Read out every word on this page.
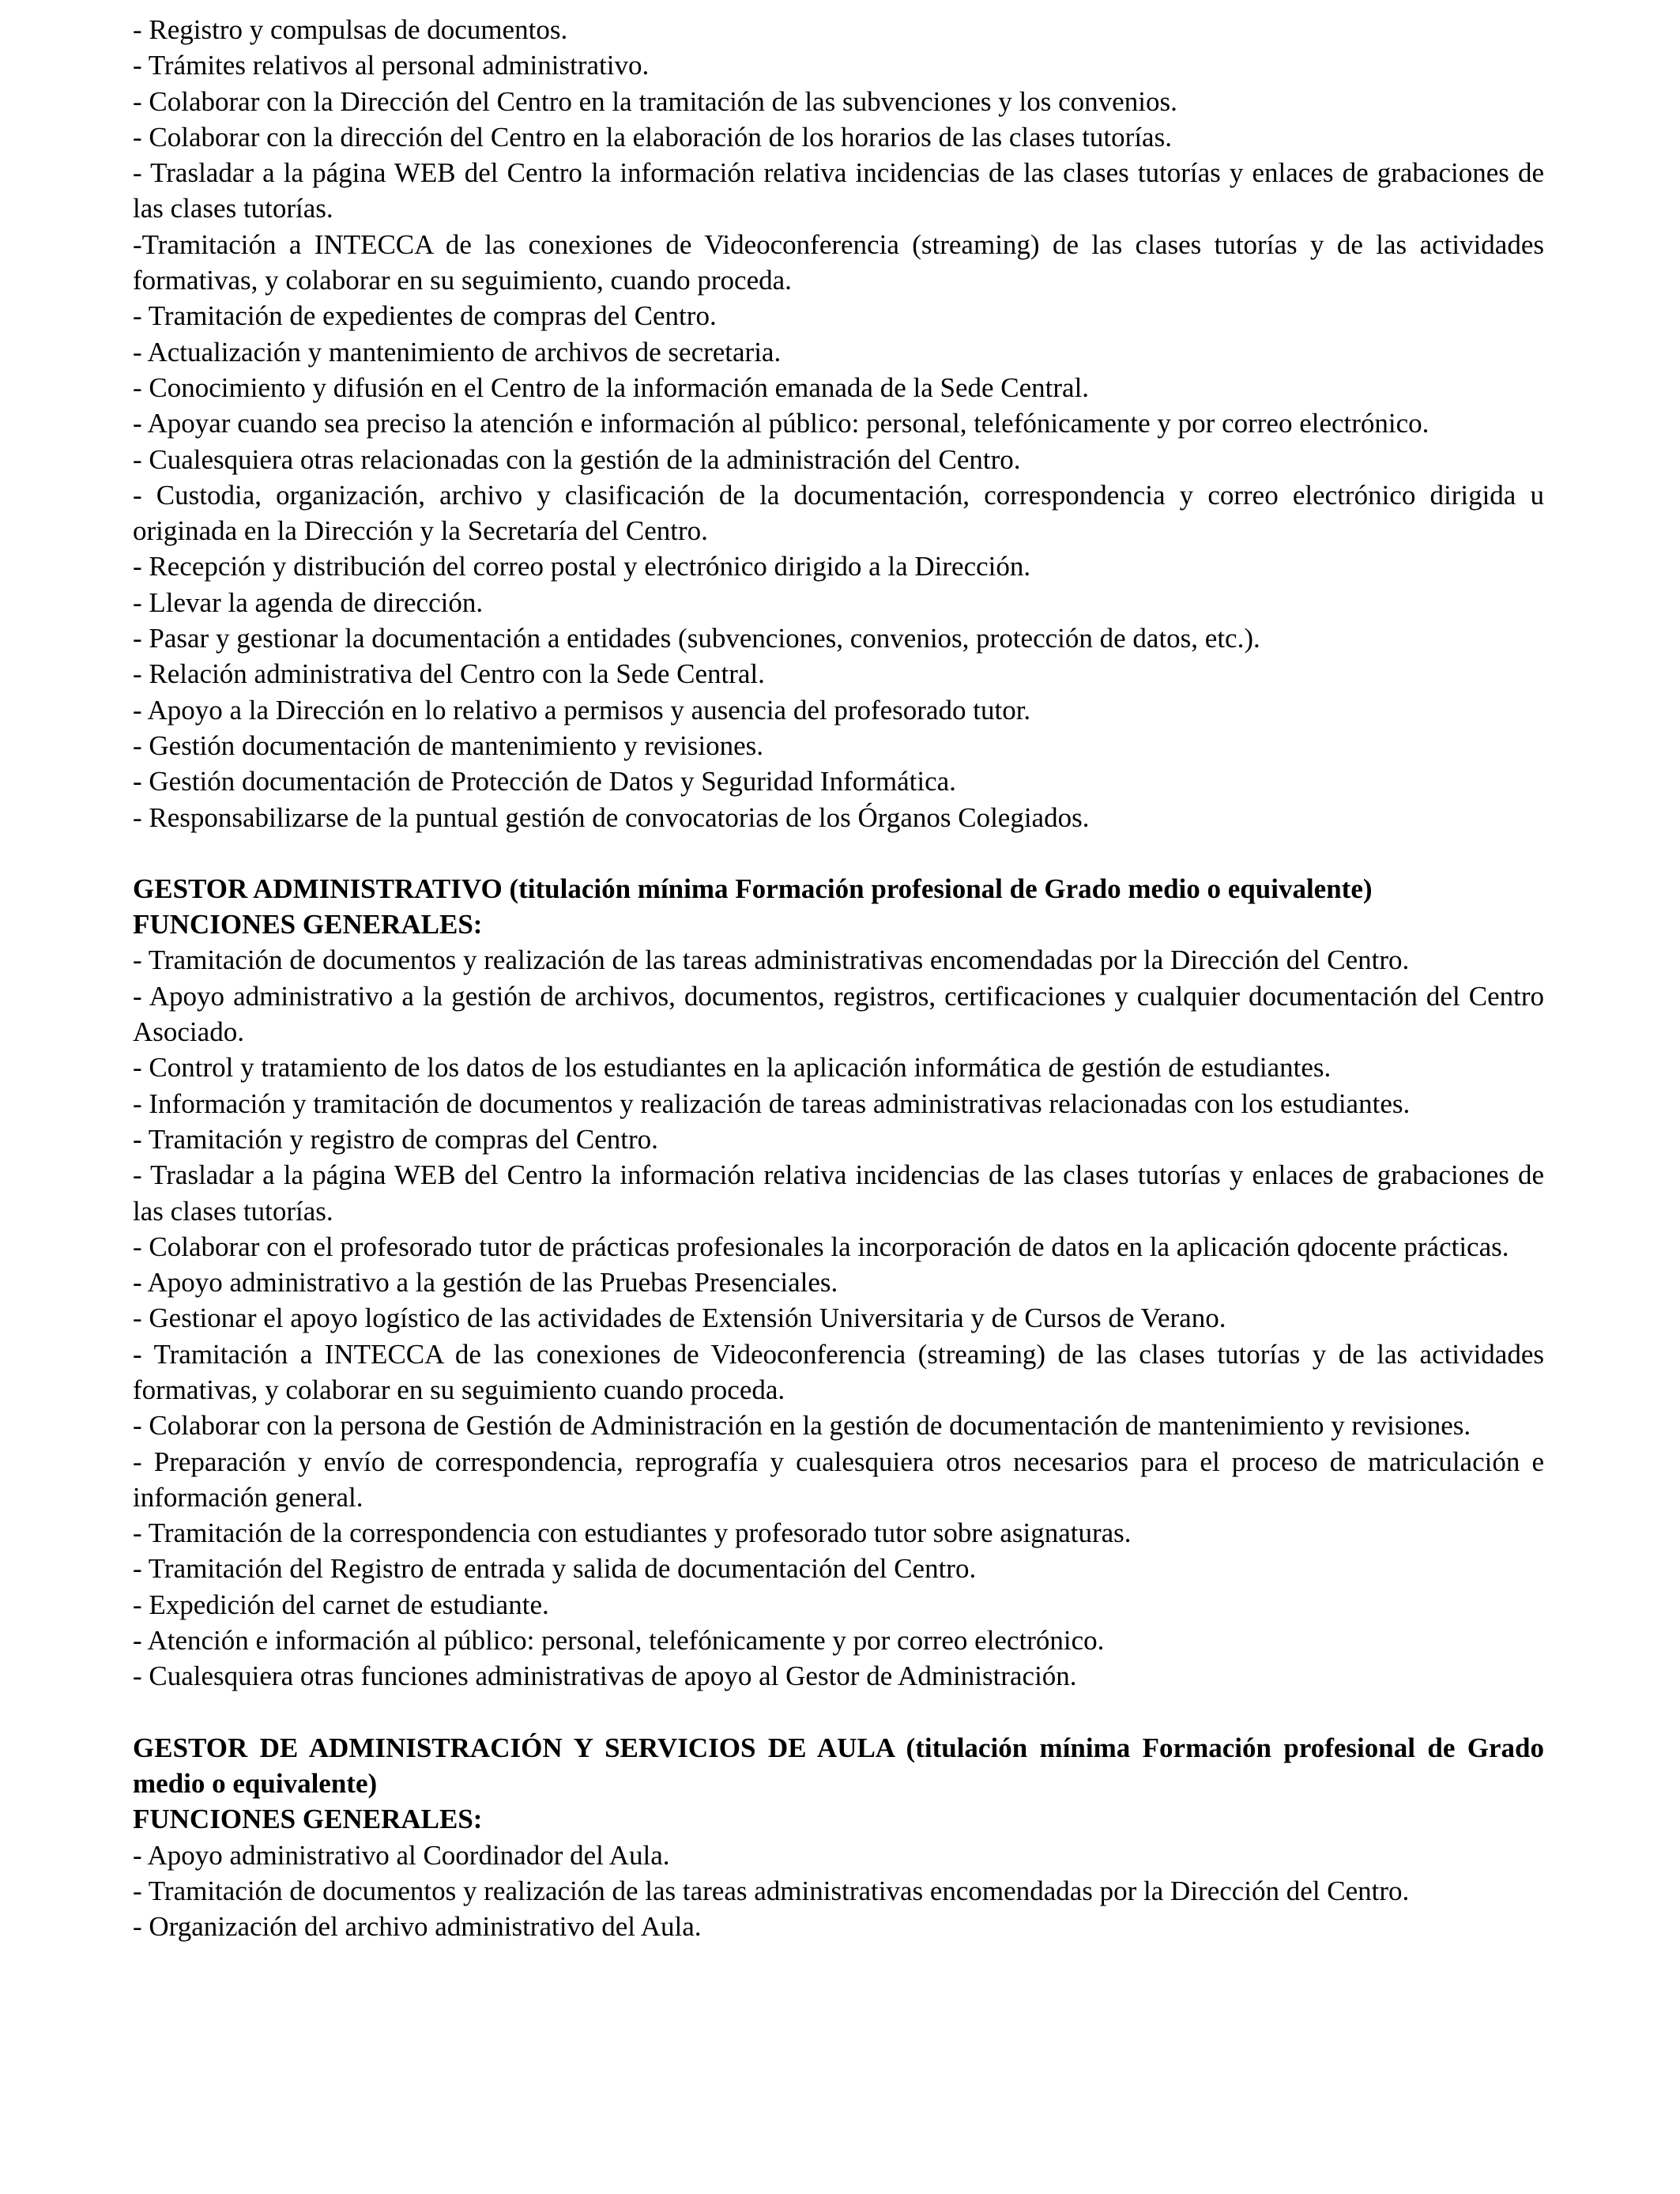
- Registro y compulsas de documentos.

- Trámites relativos al personal administrativo.

- Colaborar con la Dirección del Centro en la tramitación de las subvenciones y los convenios.

- Colaborar con la dirección del Centro en la elaboración de los horarios de las clases tutorías.

- Trasladar a la página WEB del Centro la información relativa incidencias de las clases tutorías y enlaces de grabaciones de las clases tutorías.

-Tramitación a INTECCA de las conexiones de Videoconferencia (streaming) de las clases tutorías y de las actividades formativas, y colaborar en su seguimiento, cuando proceda.

- Tramitación de expedientes de compras del Centro.

- Actualización y mantenimiento de archivos de secretaria.

- Conocimiento y difusión en el Centro de la información emanada de la Sede Central.

- Apoyar cuando sea preciso la atención e información al público: personal, telefónicamente y por correo electrónico.

- Cualesquiera otras relacionadas con la gestión de la administración del Centro.

- Custodia, organización, archivo y clasificación de la documentación, correspondencia y correo electrónico dirigida u originada en la Dirección y la Secretaría del Centro.

- Recepción y distribución del correo postal y electrónico dirigido a la Dirección.

- Llevar la agenda de dirección.

- Pasar y gestionar la documentación a entidades (subvenciones, convenios, protección de datos, etc.).

- Relación administrativa del Centro con la Sede Central.

- Apoyo a la Dirección en lo relativo a permisos y ausencia del profesorado tutor.

- Gestión documentación de mantenimiento y revisiones.

- Gestión documentación de Protección de Datos y Seguridad Informática.

- Responsabilizarse de la puntual gestión de convocatorias de los Órganos Colegiados.

GESTOR ADMINISTRATIVO (titulación mínima Formación profesional de Grado medio o equivalente)

FUNCIONES GENERALES:

- Tramitación de documentos y realización de las tareas administrativas encomendadas por la Dirección del Centro.

- Apoyo administrativo a la gestión de archivos, documentos, registros, certificaciones y cualquier documentación del Centro Asociado.

- Control y tratamiento de los datos de los estudiantes en la aplicación informática de gestión de estudiantes.

- Información y tramitación de documentos y realización de tareas administrativas relacionadas con los estudiantes.

- Tramitación y registro de compras del Centro.

- Trasladar a la página WEB del Centro la información relativa incidencias de las clases tutorías y enlaces de grabaciones de las clases tutorías.

- Colaborar con el profesorado tutor de prácticas profesionales la incorporación de datos en la aplicación qdocente prácticas.

- Apoyo administrativo a la gestión de las Pruebas Presenciales.

- Gestionar el apoyo logístico de las actividades de Extensión Universitaria y de Cursos de Verano.

- Tramitación a INTECCA de las conexiones de Videoconferencia (streaming) de las clases tutorías y de las actividades formativas, y colaborar en su seguimiento cuando proceda.

- Colaborar con la persona de Gestión de Administración en la gestión de documentación de mantenimiento y revisiones.

- Preparación y envío de correspondencia, reprografía y cualesquiera otros necesarios para el proceso de matriculación e información general.

- Tramitación de la correspondencia con estudiantes y profesorado tutor sobre asignaturas.

- Tramitación del Registro de entrada y salida de documentación del Centro.

- Expedición del carnet de estudiante.

- Atención e información al público: personal, telefónicamente y por correo electrónico.

- Cualesquiera otras funciones administrativas de apoyo al Gestor de Administración.

GESTOR DE ADMINISTRACIÓN Y SERVICIOS DE AULA (titulación mínima Formación profesional de Grado medio o equivalente)

FUNCIONES GENERALES:

- Apoyo administrativo al Coordinador del Aula.

- Tramitación de documentos y realización de las tareas administrativas encomendadas por la Dirección del Centro.

- Organización del archivo administrativo del Aula.
